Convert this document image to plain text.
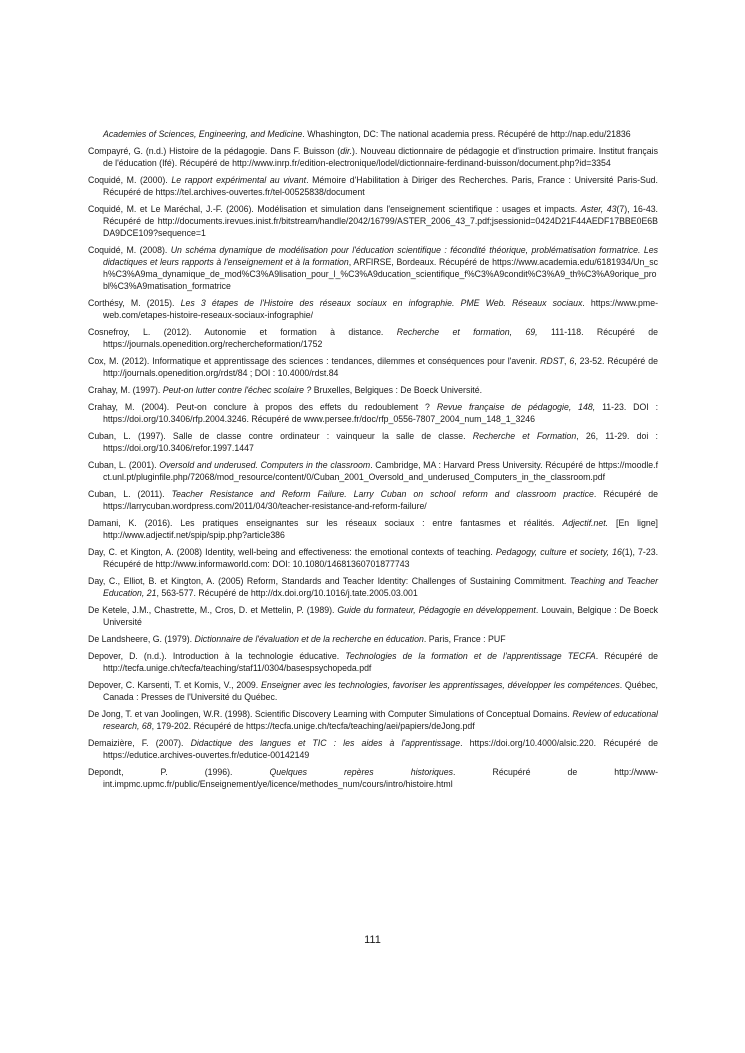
Academies of Sciences, Engineering, and Medicine. Whashington, DC: The national academia press. Récupéré de http://nap.edu/21836

Compayré, G. (n.d.) Histoire de la pédagogie. Dans F. Buisson (dir.). Nouveau dictionnaire de pédagogie et d'instruction primaire. Institut français de l'éducation (Ifé). Récupéré de http://www.inrp.fr/edition-electronique/lodel/dictionnaire-ferdinand-buisson/document.php?id=3354

Coquidé, M. (2000). Le rapport expérimental au vivant. Mémoire d'Habilitation à Diriger des Recherches. Paris, France : Université Paris-Sud. Récupéré de https://tel.archives-ouvertes.fr/tel-00525838/document

Coquidé, M. et Le Maréchal, J.-F. (2006). Modélisation et simulation dans l'enseignement scientifique : usages et impacts. Aster, 43(7), 16-43. Récupéré de http://documents.irevues.inist.fr/bitstream/handle/2042/16799/ASTER_2006_43_7.pdf;jsessionid=0424D21F44AEDF17BBE0E6BDA9DCE109?sequence=1

Coquidé, M. (2008). Un schéma dynamique de modélisation pour l'éducation scientifique : fécondité théorique, problématisation formatrice. Les didactiques et leurs rapports à l'enseignement et à la formation, ARFIRSE, Bordeaux. Récupéré de https://www.academia.edu/6181934/Un_sch%C3%A9ma_dynamique_de_mod%C3%A9lisation_pour_l_%C3%A9ducation_scientifique_f%C3%A9condit%C3%A9_th%C3%A9orique_probl%C3%A9matisation_formatrice

Corthésy, M. (2015). Les 3 étapes de l'Histoire des réseaux sociaux en infographie. PME Web. Réseaux sociaux. https://www.pme-web.com/etapes-histoire-reseaux-sociaux-infographie/

Cosnefroy, L. (2012). Autonomie et formation à distance. Recherche et formation, 69, 111-118. Récupéré de https://journals.openedition.org/rechercheformation/1752

Cox, M. (2012). Informatique et apprentissage des sciences : tendances, dilemmes et conséquences pour l'avenir. RDST, 6, 23-52. Récupéré de http://journals.openedition.org/rdst/84 ; DOI : 10.4000/rdst.84

Crahay, M. (1997). Peut-on lutter contre l'échec scolaire ? Bruxelles, Belgiques : De Boeck Université.

Crahay, M. (2004). Peut-on conclure à propos des effets du redoublement ? Revue française de pédagogie, 148, 11-23. DOI : https://doi.org/10.3406/rfp.2004.3246. Récupéré de www.persee.fr/doc/rfp_0556-7807_2004_num_148_1_3246

Cuban, L. (1997). Salle de classe contre ordinateur : vainqueur la salle de classe. Recherche et Formation, 26, 11-29. doi : https://doi.org/10.3406/refor.1997.1447

Cuban, L. (2001). Oversold and underused. Computers in the classroom. Cambridge, MA : Harvard Press University. Récupéré de https://moodle.fct.unl.pt/pluginfile.php/72068/mod_resource/content/0/Cuban_2001_Oversold_and_underused_Computers_in_the_classroom.pdf

Cuban, L. (2011). Teacher Resistance and Reform Failure. Larry Cuban on school reform and classroom practice. Récupéré de https://larrycuban.wordpress.com/2011/04/30/teacher-resistance-and-reform-failure/

Damani, K. (2016). Les pratiques enseignantes sur les réseaux sociaux : entre fantasmes et réalités. Adjectif.net. [En ligne] http://www.adjectif.net/spip/spip.php?article386

Day, C. et Kington, A. (2008) Identity, well-being and effectiveness: the emotional contexts of teaching. Pedagogy, culture et society, 16(1), 7-23. Récupéré de http://www.informaworld.com: DOI: 10.1080/14681360701877743

Day, C., Elliot, B. et Kington, A. (2005) Reform, Standards and Teacher Identity: Challenges of Sustaining Commitment. Teaching and Teacher Education, 21, 563-577. Récupéré de http://dx.doi.org/10.1016/j.tate.2005.03.001

De Ketele, J.M., Chastrette, M., Cros, D. et Mettelin, P. (1989). Guide du formateur, Pédagogie en développement. Louvain, Belgique : De Boeck Université

De Landsheere, G. (1979). Dictionnaire de l'évaluation et de la recherche en éducation. Paris, France : PUF

Depover, D. (n.d.). Introduction à la technologie éducative. Technologies de la formation et de l'apprentissage TECFA. Récupéré de http://tecfa.unige.ch/tecfa/teaching/staf11/0304/basespsychopeda.pdf

Depover, C. Karsenti, T. et Komis, V., 2009. Enseigner avec les technologies, favoriser les apprentissages, développer les compétences. Québec, Canada : Presses de l'Université du Québec.

De Jong, T. et van Joolingen, W.R. (1998). Scientific Discovery Learning with Computer Simulations of Conceptual Domains. Review of educational research, 68, 179-202. Récupéré de https://tecfa.unige.ch/tecfa/teaching/aei/papiers/deJong.pdf

Demaizière, F. (2007). Didactique des langues et TIC : les aides à l'apprentissage. https://doi.org/10.4000/alsic.220. Récupéré de https://edutice.archives-ouvertes.fr/edutice-00142149

Depondt, P. (1996). Quelques repères historiques. Récupéré de http://www-int.impmc.upmc.fr/public/Enseignement/ye/licence/methodes_num/cours/intro/histoire.html

111
